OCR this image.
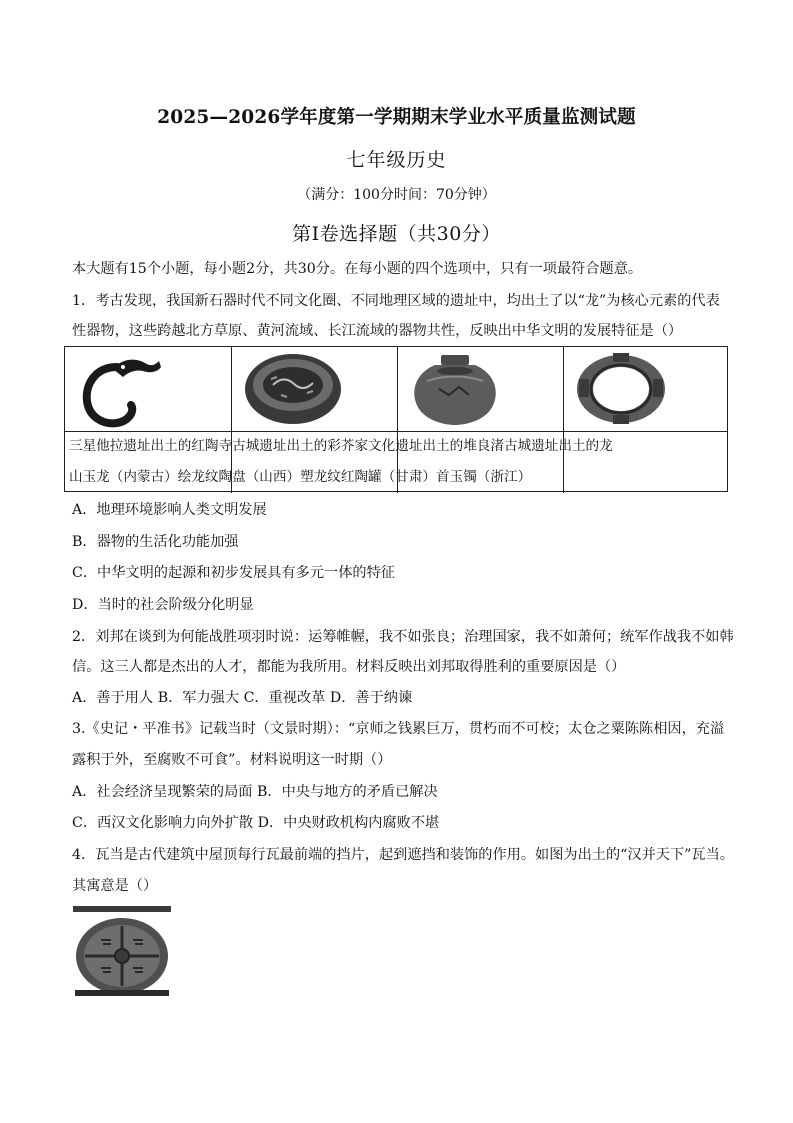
2025—2026学年度第一学期期末学业水平质量监测试题
七年级历史
（满分：100分时间：70分钟）
第Ⅰ卷选择题（共30分）
本大题有15个小题，每小题2分，共30分。在每小题的四个选项中，只有一项最符合题意。
1．考古发现，我国新石器时代不同文化圈、不同地理区域的遗址中，均出土了以“龙”为核心元素的代表
性器物，这些跨越北方草原、黄河流域、长江流域的器物共性，反映出中华文明的发展特征是（）
三星他拉遗址出土的红陶寺古城遗址出土的彩芥家文化遗址出土的堆良渚古城遗址出土的龙
山玉龙（内蒙古）绘龙纹陶盘（山西）塑龙纹红陶罐（甘肃）首玉镯（浙江）
A．地理环境影响人类文明发展
B．器物的生活化功能加强
C．中华文明的起源和初步发展具有多元一体的特征
D．当时的社会阶级分化明显
2．刘邦在谈到为何能战胜项羽时说：运筹帷幄，我不如张良；治理国家，我不如萧何；统军作战我不如韩
信。这三人都是杰出的人才，都能为我所用。材料反映出刘邦取得胜利的重要原因是（）
A．善于用人 B．军力强大 C．重视改革 D．善于纳谏
3.《史记・平准书》记载当时（文景时期）：“京师之钱累巨万，贯朽而不可校；太仓之粟陈陈相因，充溢
露积于外，至腐败不可食”。材料说明这一时期（）
A．社会经济呈现繁荣的局面 B．中央与地方的矛盾已解决
C．西汉文化影响力向外扩散 D．中央财政机构内腐败不堪
4．瓦当是古代建筑中屋顶每行瓦最前端的挡片，起到遮挡和装饰的作用。如图为出土的“汉并天下”瓦当。
其寓意是（）
